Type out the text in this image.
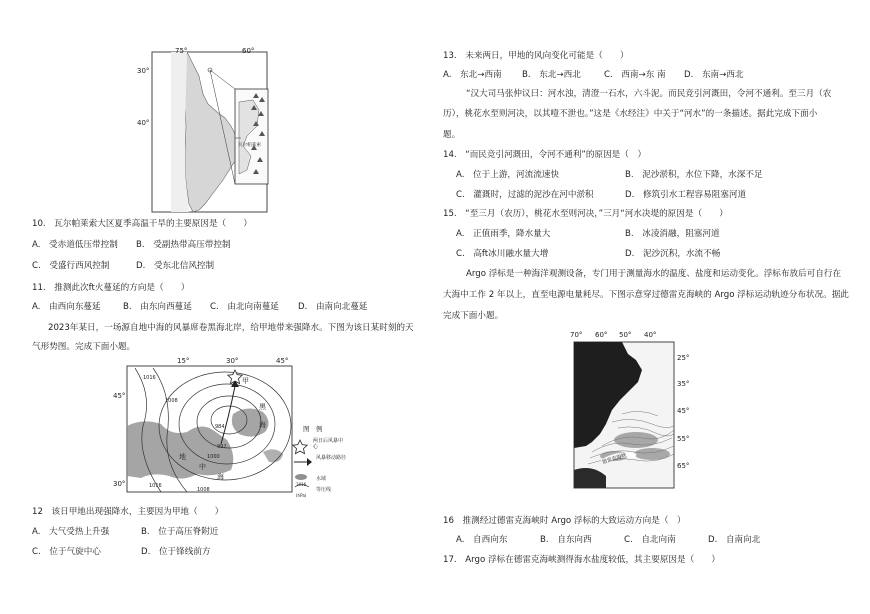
75°	60°
30°
40°
瓦尔帕莱索
10.　瓦尔帕莱索大区夏季高温干旱的主要原因是（　　）
A.　受赤道低压带控制 B.　受副热带高压带控制
C.　受盛行西风控制	D.　受东北信风控制
11.　推测此次ft火蔓延的方向是（　　）
A.　由西向东蔓延	B.　由东向西蔓延 C.　由北向南蔓延 D.　由南向北蔓延
2023年某日，一场源自地中海的风暴席卷黑海北岸，给甲地带来强降水。下图为该日某时刻的天
气形势图。完成下面小题。
15°	30°	45°
45°
30°
1016
1008
1000
992
984
1016
1008
甲
黑
海
地
中
海
图　例
两日后风暴中心
风暴移动路径
水域
1016
等压线
(hPa)
12　该日甲地出现强降水，主要因为甲地（　　）
A.　大气受热上升强	B.　位于高压脊附近
C.　位于气旋中心	D.　位于锋线前方
13.　未来两日，甲地的风向变化可能是（　　）
A.　东北→西南 B.　东北→西北	C.　西南→东 南 D.　东南→西北
“汉大司马张仲议曰：河水浊，清澄一石水，六斗泥。而民竞引河溉田，令河不通利。至三月（农
历），桃花水至则河决，以其噎不泄也。”这是《水经注》中关于“河水”的一条描述。据此完成下面小
题。
14.　“而民竞引河溉田，令河不通利”的原因是（　）
A.　位于上游，河流流速快	B.　泥沙淤积，水位下降，水深不足
C.　灌溉时，过滤的泥沙在河中淤积	D.　修筑引水工程容易阻塞河道
15.　“至三月（农历），桃花水至则河决，”三月“河水决堤的原因是（　　）
A.　正值雨季，降水量大	B.　冰凌消融，阻塞河道
C.　高ft冰川融水量大增	D.　泥沙沉积，水流不畅
Argo 浮标是一种海洋观测设备，专门用于测量海水的温度、盐度和运动变化。浮标布放后可自行在
大海中工作 2 年以上，直至电源电量耗尽。下图示意穿过德雷克海峡的 Argo 浮标运动轨迹分布状况。据此
完成下面小题。
70° 60° 50° 40°
25°
35°
45°
55°
65°
德雷克海峡
16　推测经过德雷克海峡时 Argo 浮标的大致运动方向是（　）
A.　自西向东	B.　自东向西	C.　自北向南	D.　自南向北
17.　Argo 浮标在德雷克海峡测得海水盐度较低，其主要原因是（　　）
